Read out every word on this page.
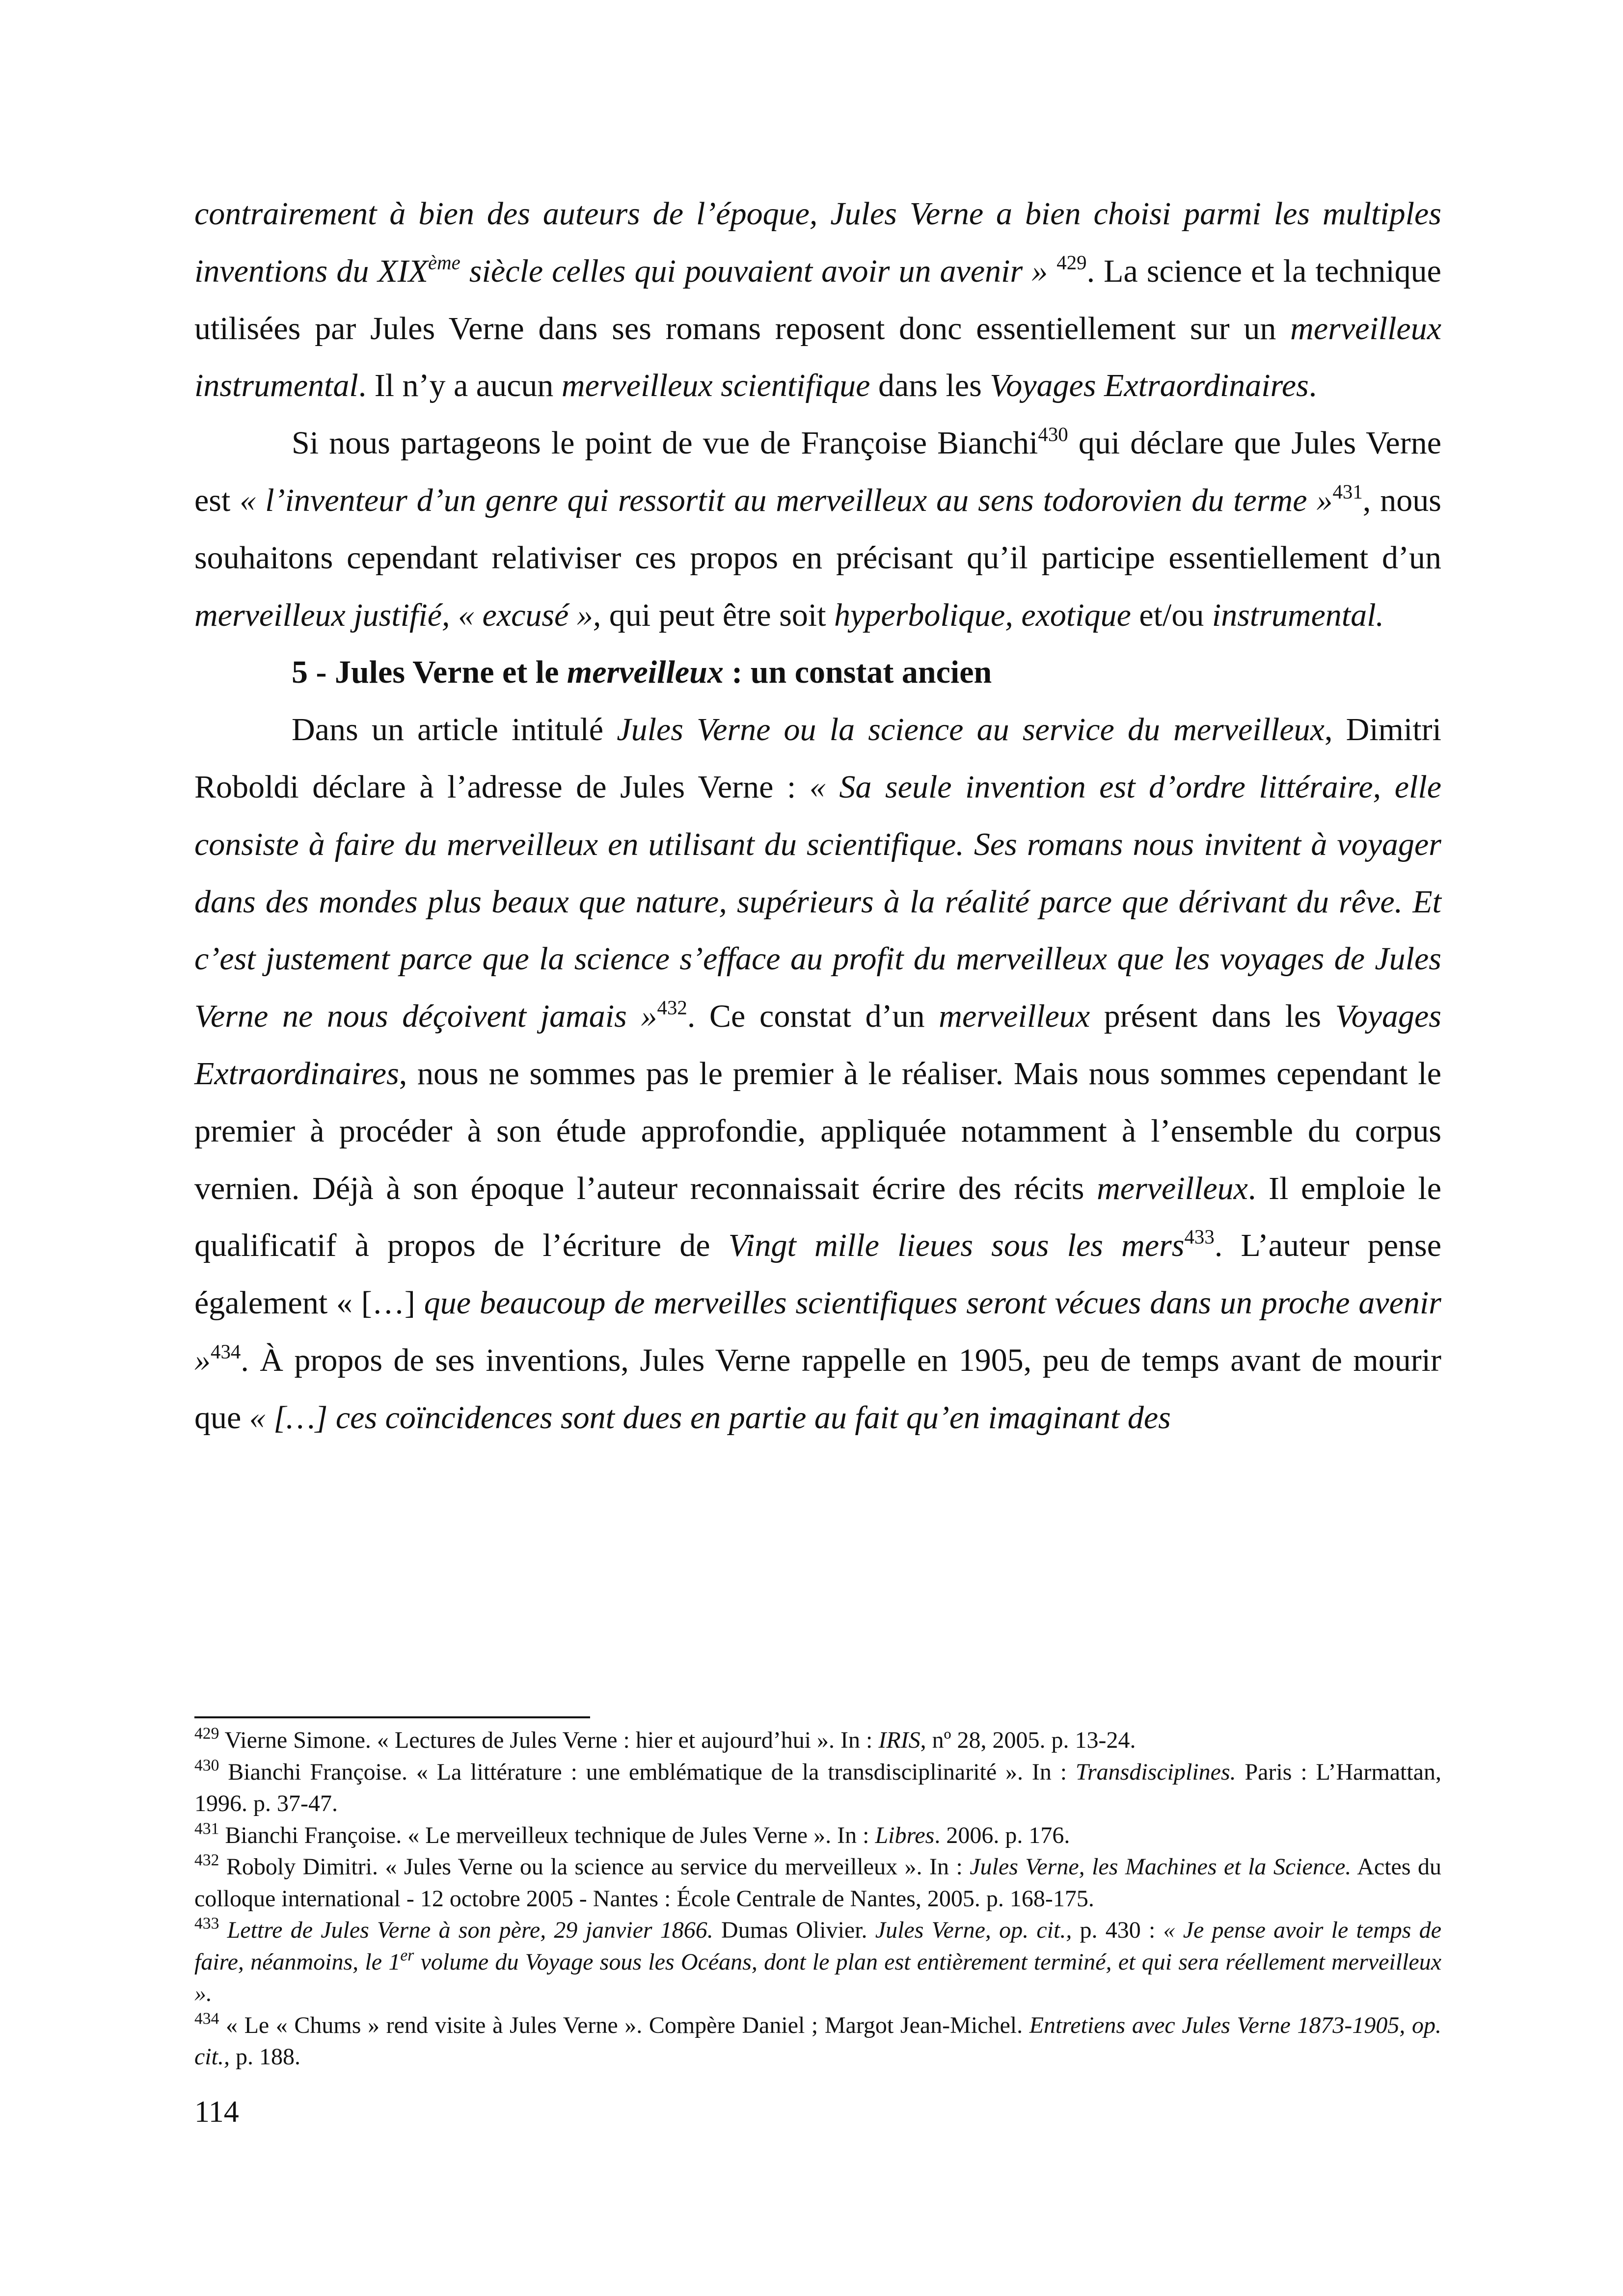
contrairement à bien des auteurs de l’époque, Jules Verne a bien choisi parmi les multiples inventions du XIXème siècle celles qui pouvaient avoir un avenir » $^{429}$. La science et la technique utilisées par Jules Verne dans ses romans reposent donc essentiellement sur un merveilleux instrumental. Il n’y a aucun merveilleux scientifique dans les Voyages Extraordinaires.

Si nous partageons le point de vue de Françoise Bianchi$^{430}$ qui déclare que Jules Verne est « l’inventeur d’un genre qui ressortit au merveilleux au sens todorovien du terme »$^{431}$, nous souhaitons cependant relativiser ces propos en précisant qu’il participe essentiellement d’un merveilleux justifié, « excusé », qui peut être soit hyperbolique, exotique et/ou instrumental.

5 - Jules Verne et le merveilleux : un constat ancien

Dans un article intitulé Jules Verne ou la science au service du merveilleux, Dimitri Roboldi déclare à l’adresse de Jules Verne : « Sa seule invention est d’ordre littéraire, elle consiste à faire du merveilleux en utilisant du scientifique. Ses romans nous invitent à voyager dans des mondes plus beaux que nature, supérieurs à la réalité parce que dérivant du rêve. Et c’est justement parce que la science s’efface au profit du merveilleux que les voyages de Jules Verne ne nous déçoivent jamais »$^{432}$. Ce constat d’un merveilleux présent dans les Voyages Extraordinaires, nous ne sommes pas le premier à le réaliser. Mais nous sommes cependant le premier à procéder à son étude approfondie, appliquée notamment à l’ensemble du corpus vernien. Déjà à son époque l’auteur reconnaissait écrire des récits merveilleux. Il emploie le qualificatif à propos de l’écriture de Vingt mille lieues sous les mers$^{433}$. L’auteur pense également « […] que beaucoup de merveilles scientifiques seront vécues dans un proche avenir »$^{434}$. À propos de ses inventions, Jules Verne rappelle en 1905, peu de temps avant de mourir que « […] ces coïncidences sont dues en partie au fait qu’en imaginant des

$^{429}$ Vierne Simone. « Lectures de Jules Verne : hier et aujourd’hui ». In : IRIS, nº 28, 2005. p. 13-24.

$^{430}$ Bianchi Françoise. « La littérature : une emblématique de la transdisciplinarité ». In : Transdisciplines. Paris : L’Harmattan, 1996. p. 37-47.

$^{431}$ Bianchi Françoise. « Le merveilleux technique de Jules Verne ». In : Libres. 2006. p. 176.

$^{432}$ Roboly Dimitri. « Jules Verne ou la science au service du merveilleux ». In : Jules Verne, les Machines et la Science. Actes du colloque international - 12 octobre 2005 - Nantes : École Centrale de Nantes, 2005. p. 168-175.

$^{433}$ Lettre de Jules Verne à son père, 29 janvier 1866. Dumas Olivier. Jules Verne, op. cit., p. 430 : « Je pense avoir le temps de faire, néanmoins, le 1er volume du Voyage sous les Océans, dont le plan est entièrement terminé, et qui sera réellement merveilleux ».

$^{434}$ « Le « Chums » rend visite à Jules Verne ». Compère Daniel ; Margot Jean-Michel. Entretiens avec Jules Verne 1873-1905, op. cit., p. 188.

114
